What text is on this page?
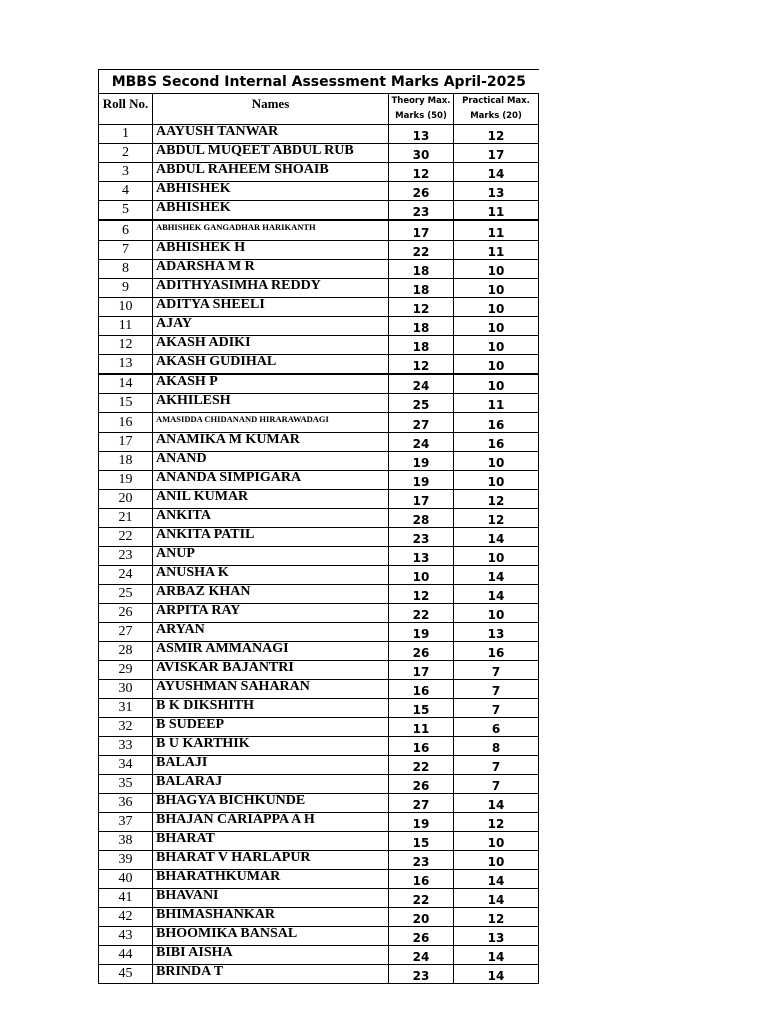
MBBS Second Internal Assessment Marks April-2025			
Roll No.	Names	Theory Max. Marks (50)	Practical Max. Marks (20)
1	AAYUSH TANWAR	13	12
2	ABDUL MUQEET ABDUL RUB	30	17
3	ABDUL RAHEEM SHOAIB	12	14
4	ABHISHEK	26	13
5	ABHISHEK	23	11
6	ABHISHEK GANGADHAR HARIKANTH	17	11
7	ABHISHEK H	22	11
8	ADARSHA M R	18	10
9	ADITHYASIMHA REDDY	18	10
10	ADITYA SHEELI	12	10
11	AJAY	18	10
12	AKASH ADIKI	18	10
13	AKASH GUDIHAL	12	10
14	AKASH P	24	10
15	AKHILESH	25	11
16	AMASIDDA CHIDANAND HIRARAWADAGI	27	16
17	ANAMIKA M KUMAR	24	16
18	ANAND	19	10
19	ANANDA SIMPIGARA	19	10
20	ANIL KUMAR	17	12
21	ANKITA	28	12
22	ANKITA PATIL	23	14
23	ANUP	13	10
24	ANUSHA K	10	14
25	ARBAZ KHAN	12	14
26	ARPITA RAY	22	10
27	ARYAN	19	13
28	ASMIR AMMANAGI	26	16
29	AVISKAR BAJANTRI	17	7
30	AYUSHMAN SAHARAN	16	7
31	B K DIKSHITH	15	7
32	B SUDEEP	11	6
33	B U KARTHIK	16	8
34	BALAJI	22	7
35	BALARAJ	26	7
36	BHAGYA BICHKUNDE	27	14
37	BHAJAN CARIAPPA A H	19	12
38	BHARAT	15	10
39	BHARAT V HARLAPUR	23	10
40	BHARATHKUMAR	16	14
41	BHAVANI	22	14
42	BHIMASHANKAR	20	12
43	BHOOMIKA BANSAL	26	13
44	BIBI AISHA	24	14
45	BRINDA T	23	14
